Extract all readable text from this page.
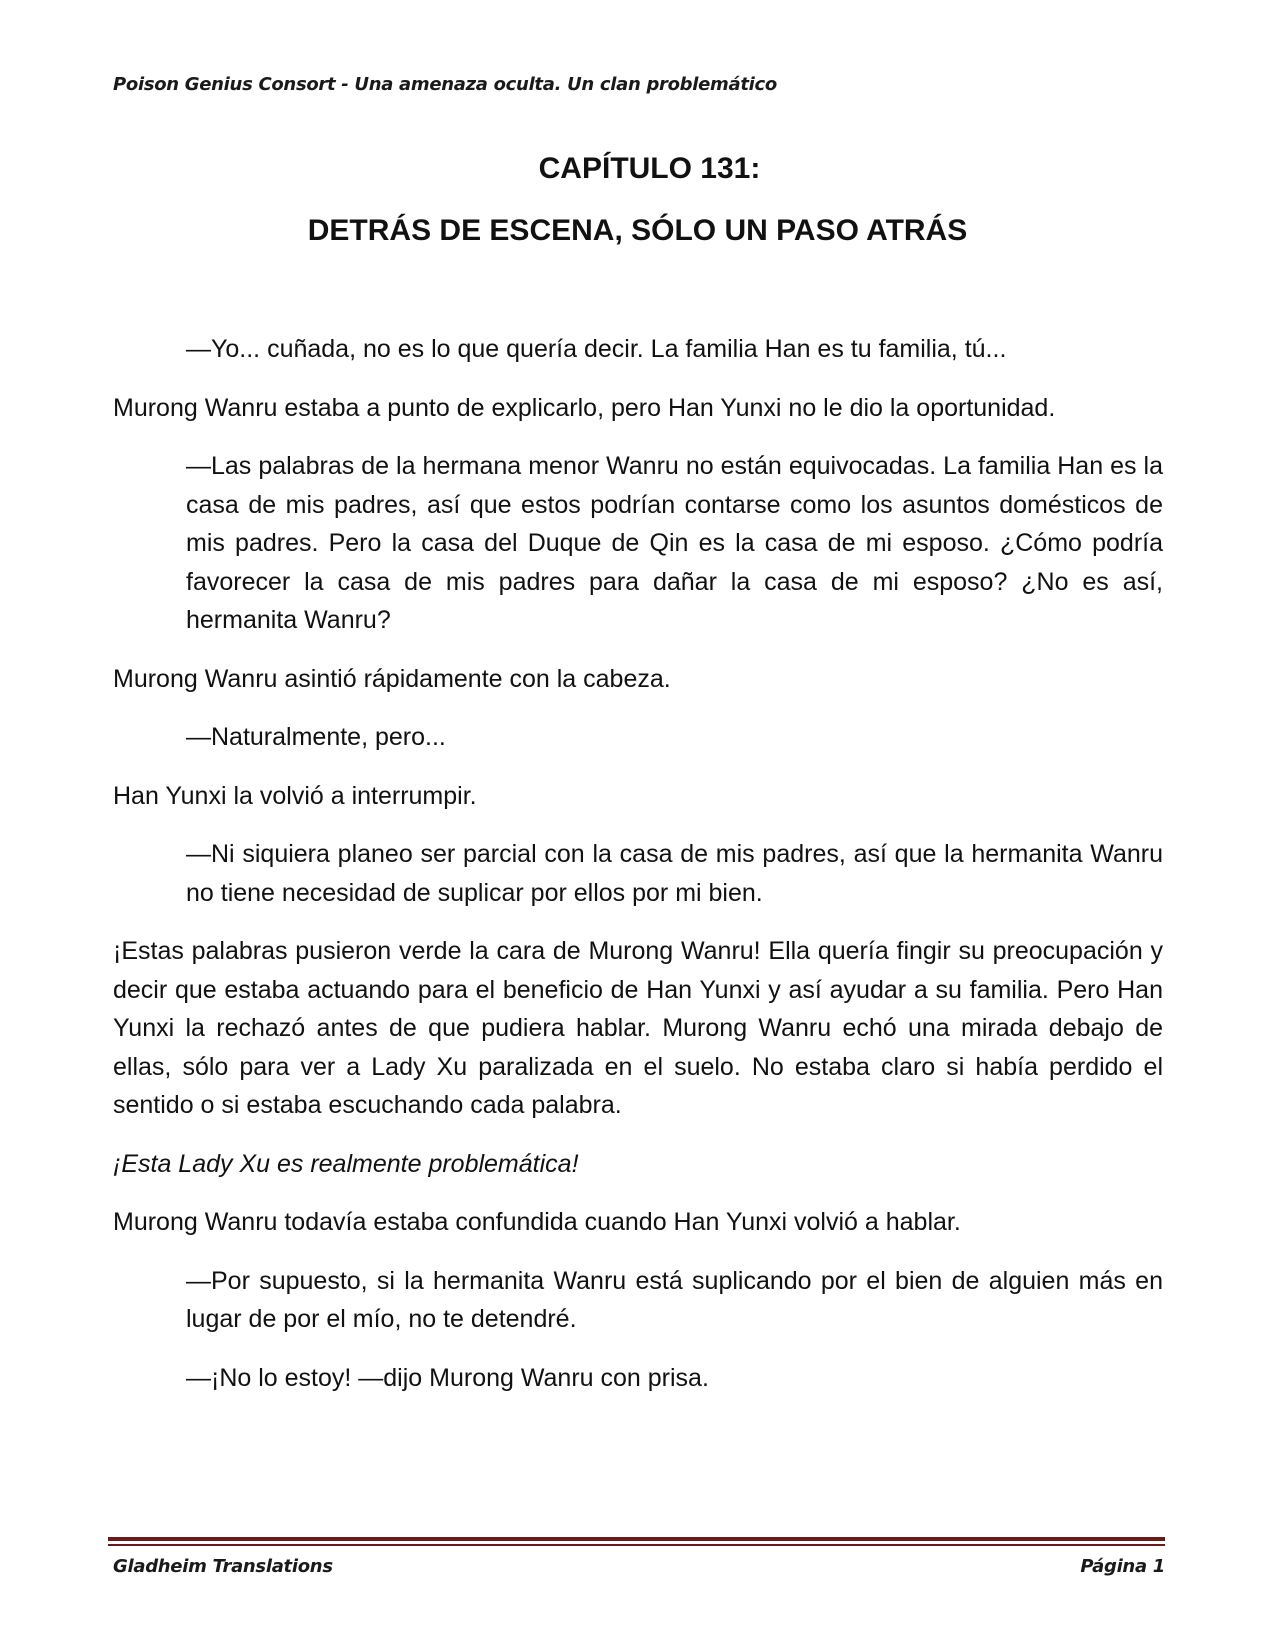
Poison Genius Consort - Una amenaza oculta. Un clan problemático
CAPÍTULO 131:
DETRÁS DE ESCENA, SÓLO UN PASO ATRÁS

—Yo... cuñada, no es lo que quería decir. La familia Han es tu familia, tú...

Murong Wanru estaba a punto de explicarlo, pero Han Yunxi no le dio la oportunidad.

—Las palabras de la hermana menor Wanru no están equivocadas. La familia Han es la casa de mis padres, así que estos podrían contarse como los asuntos domésticos de mis padres. Pero la casa del Duque de Qin es la casa de mi esposo. ¿Cómo podría favorecer la casa de mis padres para dañar la casa de mi esposo? ¿No es así, hermanita Wanru?

Murong Wanru asintió rápidamente con la cabeza.

—Naturalmente, pero...

Han Yunxi la volvió a interrumpir.

—Ni siquiera planeo ser parcial con la casa de mis padres, así que la hermanita Wanru no tiene necesidad de suplicar por ellos por mi bien.

¡Estas palabras pusieron verde la cara de Murong Wanru! Ella quería fingir su preocupación y decir que estaba actuando para el beneficio de Han Yunxi y así ayudar a su familia. Pero Han Yunxi la rechazó antes de que pudiera hablar. Murong Wanru echó una mirada debajo de ellas, sólo para ver a Lady Xu paralizada en el suelo. No estaba claro si había perdido el sentido o si estaba escuchando cada palabra.

¡Esta Lady Xu es realmente problemática!

Murong Wanru todavía estaba confundida cuando Han Yunxi volvió a hablar.

—Por supuesto, si la hermanita Wanru está suplicando por el bien de alguien más en lugar de por el mío, no te detendré.

—¡No lo estoy! —dijo Murong Wanru con prisa.

Gladheim Translations	Página 1
